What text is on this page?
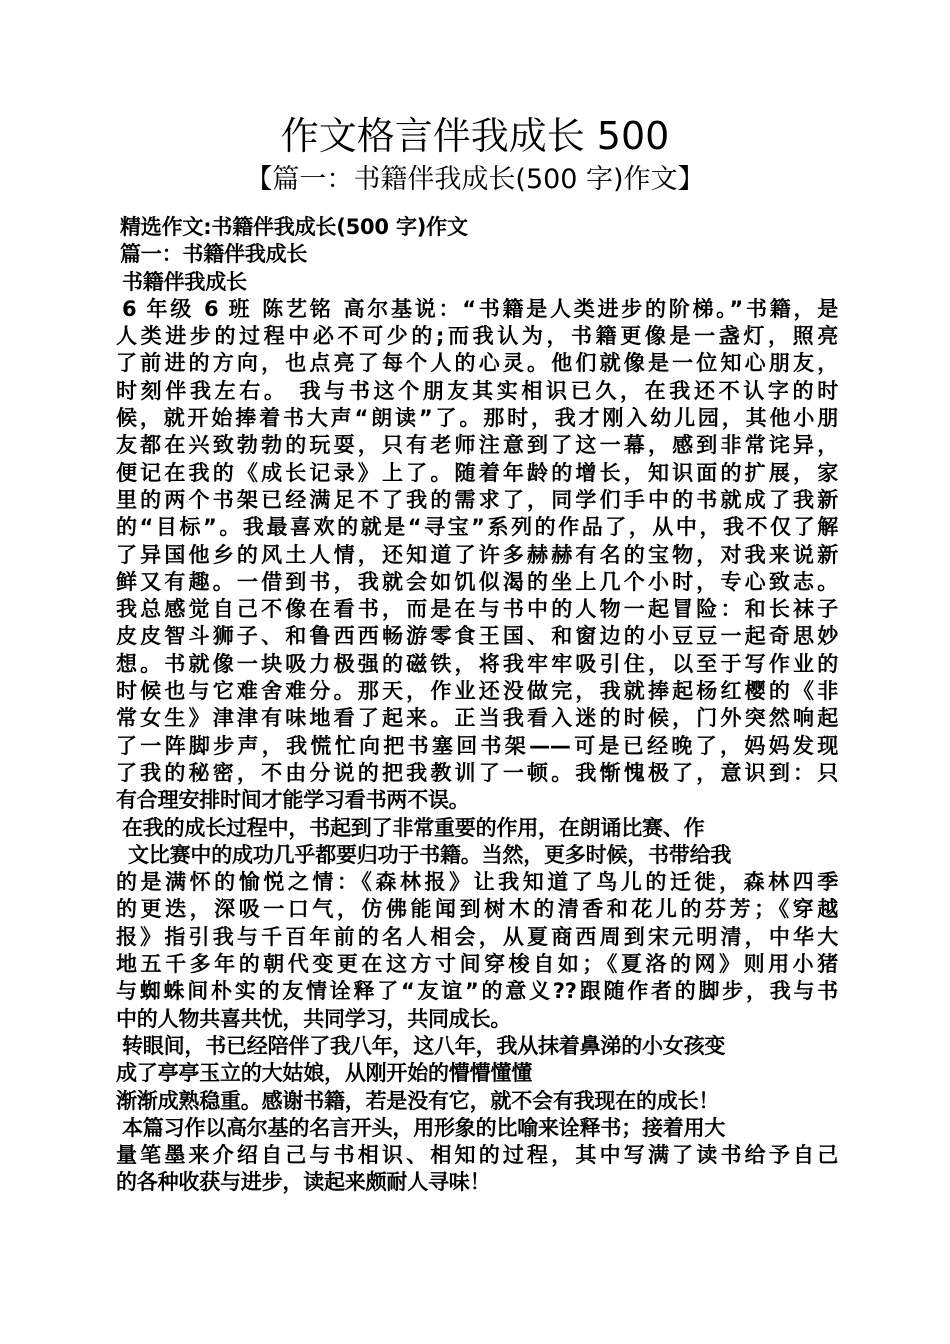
作文格言伴我成长 500
【篇一：书籍伴我成长(500 字)作文】
精选作文:书籍伴我成长(500 字)作文
篇一：书籍伴我成长
书籍伴我成长
6 年级 6 班 陈艺铭 高尔基说：“书籍是人类进步的阶梯。”书籍，是
人类进步的过程中必不可少的;而我认为，书籍更像是一盏灯，照亮
了前进的方向，也点亮了每个人的心灵。他们就像是一位知心朋友，
时刻伴我左右。 我与书这个朋友其实相识已久，在我还不认字的时
候，就开始捧着书大声“朗读”了。那时，我才刚入幼儿园，其他小朋
友都在兴致勃勃的玩耍，只有老师注意到了这一幕，感到非常诧异，
便记在我的《成长记录》上了。随着年龄的增长，知识面的扩展，家
里的两个书架已经满足不了我的需求了，同学们手中的书就成了我新
的“目标”。我最喜欢的就是“寻宝”系列的作品了，从中，我不仅了解
了异国他乡的风土人情，还知道了许多赫赫有名的宝物，对我来说新
鲜又有趣。一借到书，我就会如饥似渴的坐上几个小时，专心致志。
我总感觉自己不像在看书，而是在与书中的人物一起冒险：和长袜子
皮皮智斗狮子、和鲁西西畅游零食王国、和窗边的小豆豆一起奇思妙
想。书就像一块吸力极强的磁铁，将我牢牢吸引住，以至于写作业的
时候也与它难舍难分。那天，作业还没做完，我就捧起杨红樱的《非
常女生》津津有味地看了起来。正当我看入迷的时候，门外突然响起
了一阵脚步声，我慌忙向把书塞回书架——可是已经晚了，妈妈发现
了我的秘密，不由分说的把我教训了一顿。我惭愧极了，意识到：只
有合理安排时间才能学习看书两不误。
在我的成长过程中，书起到了非常重要的作用，在朗诵比赛、作
文比赛中的成功几乎都要归功于书籍。当然，更多时候，书带给我
的是满怀的愉悦之情：《森林报》让我知道了鸟儿的迁徙，森林四季
的更迭，深吸一口气，仿佛能闻到树木的清香和花儿的芬芳；《穿越
报》指引我与千百年前的名人相会，从夏商西周到宋元明清，中华大
地五千多年的朝代变更在这方寸间穿梭自如；《夏洛的网》则用小猪
与蜘蛛间朴实的友情诠释了“友谊”的意义??跟随作者的脚步，我与书
中的人物共喜共忧，共同学习，共同成长。
转眼间，书已经陪伴了我八年，这八年，我从抹着鼻涕的小女孩变
成了亭亭玉立的大姑娘，从刚开始的懵懵懂懂
渐渐成熟稳重。感谢书籍，若是没有它，就不会有我现在的成长！
本篇习作以高尔基的名言开头，用形象的比喻来诠释书；接着用大
量笔墨来介绍自己与书相识、相知的过程，其中写满了读书给予自己
的各种收获与进步，读起来颇耐人寻味！
